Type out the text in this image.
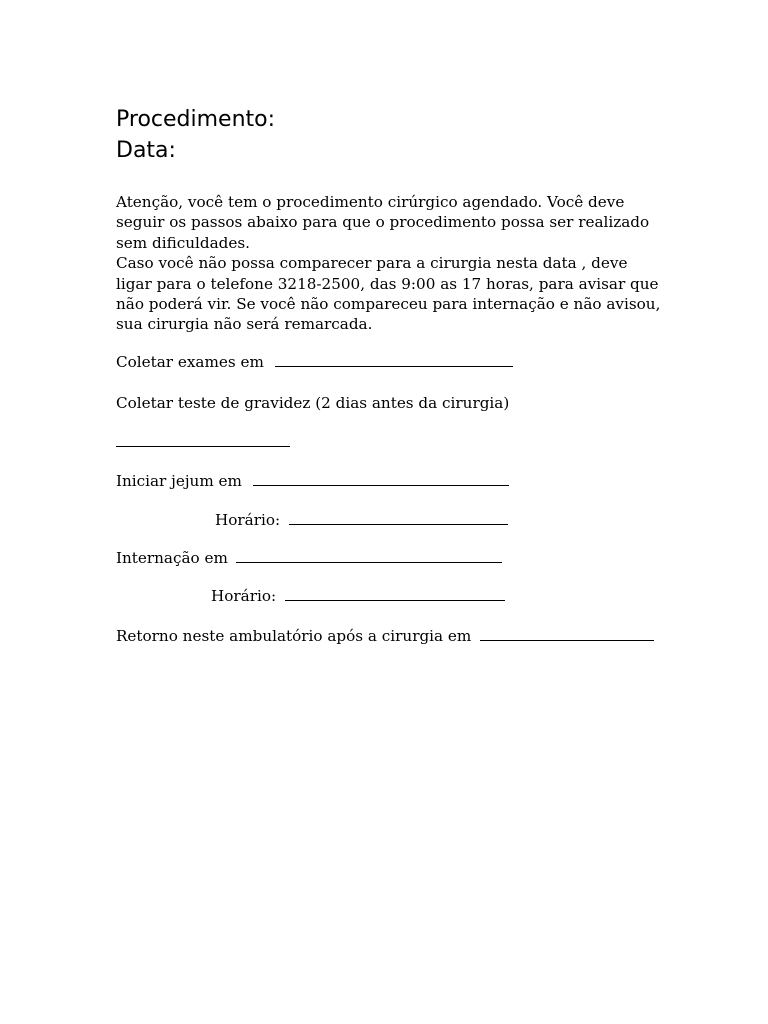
Procedimento:
Data:

Atenção, você tem o procedimento cirúrgico agendado. Você deve seguir os passos abaixo para que o procedimento possa ser realizado sem dificuldades.

Caso você não possa comparecer para a cirurgia nesta data , deve ligar para o telefone 3218-2500, das 9:00 as 17 horas, para avisar que não poderá vir. Se você não compareceu para internação e não avisou, sua cirurgia não será remarcada.

Coletar exames em
Coletar teste de gravidez (2 dias antes da cirurgia)
Iniciar jejum em
Horário:
Internação em
Horário:
Retorno neste ambulatório após a cirurgia em
